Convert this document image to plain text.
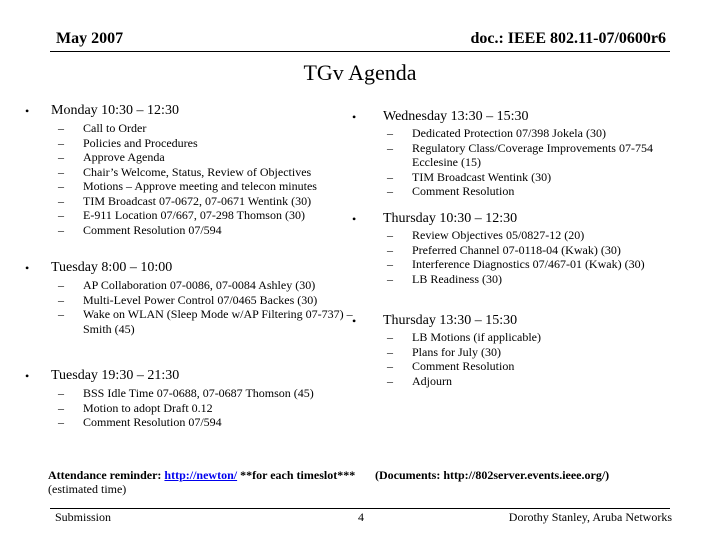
May 2007	doc.: IEEE 802.11-07/0600r6
TGv Agenda
• Monday 10:30 – 12:30
– Call to Order
– Policies and Procedures
– Approve Agenda
– Chair’s Welcome, Status, Review of Objectives
– Motions – Approve meeting and telecon minutes
– TIM Broadcast 07-0672, 07-0671 Wentink (30)
– E-911 Location 07/667, 07-298 Thomson (30)
– Comment Resolution 07/594
• Tuesday 8:00 – 10:00
– AP Collaboration 07-0086, 07-0084 Ashley (30)
– Multi-Level Power Control 07/0465 Backes (30)
– Wake on WLAN (Sleep Mode w/AP Filtering 07-737) – Smith (45)
• Tuesday 19:30 – 21:30
– BSS Idle Time 07-0688, 07-0687 Thomson (45)
– Motion to adopt Draft 0.12
– Comment Resolution 07/594
• Wednesday 13:30 – 15:30
– Dedicated Protection 07/398 Jokela (30)
– Regulatory Class/Coverage Improvements 07-754 Ecclesine (15)
– TIM Broadcast Wentink (30)
– Comment Resolution
• Thursday 10:30 – 12:30
– Review Objectives 05/0827-12 (20)
– Preferred Channel 07-0118-04 (Kwak) (30)
– Interference Diagnostics 07/467-01 (Kwak) (30)
– LB Readiness (30)
• Thursday 13:30 – 15:30
– LB Motions (if applicable)
– Plans for July (30)
– Comment Resolution
– Adjourn
Attendance reminder: http://newton/ **for each timeslot***
(estimated time)
(Documents: http://802server.events.ieee.org/)
Submission	4	Dorothy Stanley, Aruba Networks
